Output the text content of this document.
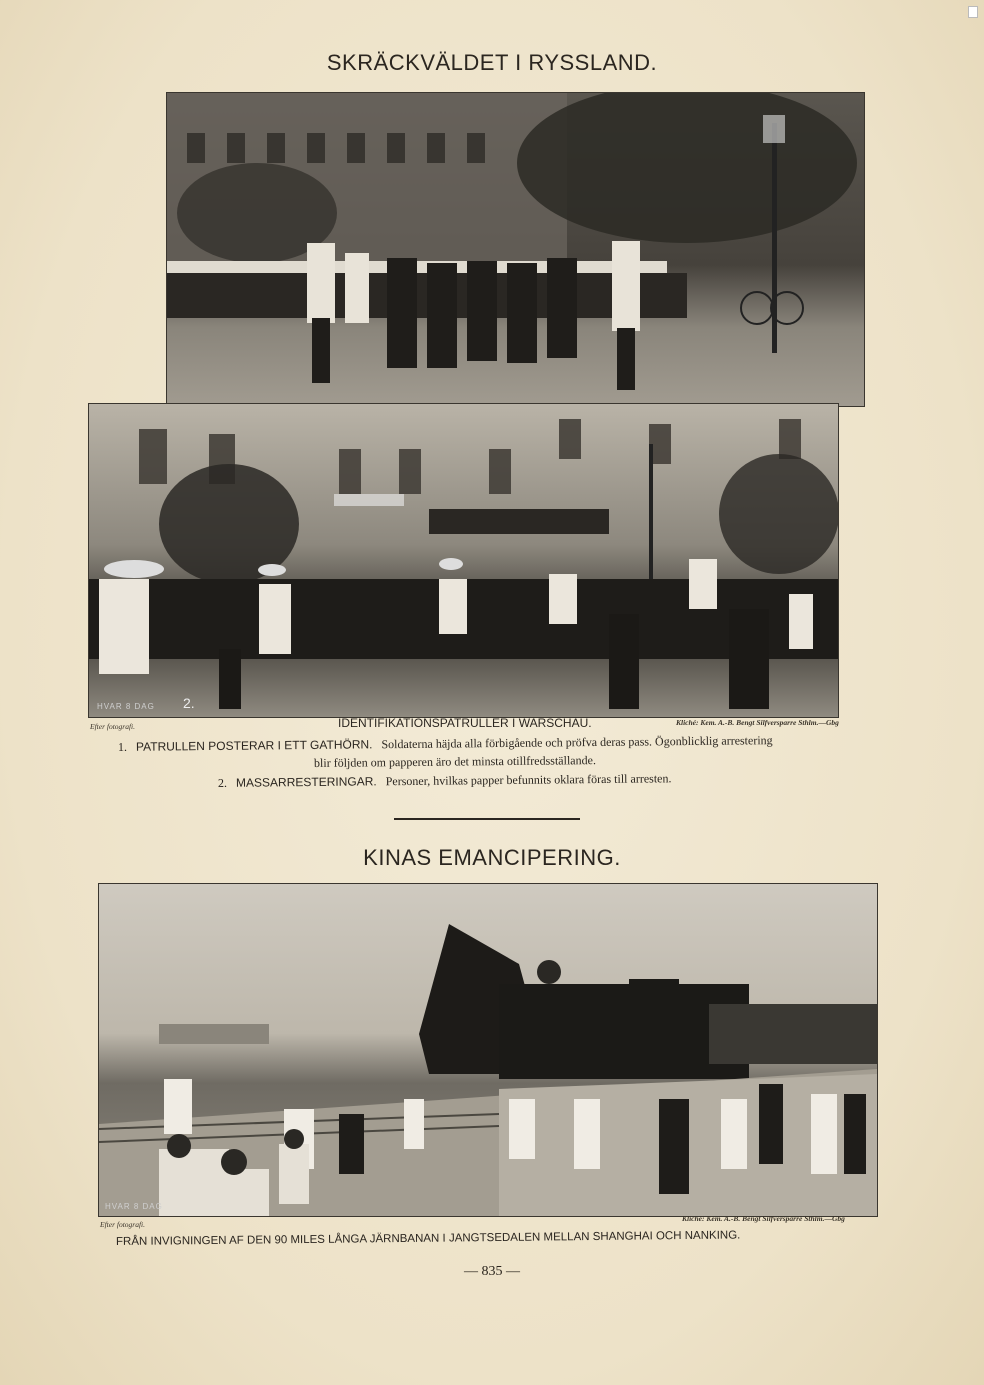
SKRÄCKVÄLDET I RYSSLAND.
HVAR 8 DAG 2.
Efter fotografi.	Kliché: Kem. A.-B. Bengt Silfversparre Sthlm.—Gbg
IDENTIFIKATIONSPATRULLER I WARSCHAU.
1. PATRULLEN POSTERAR I ETT GATHÖRN. Soldaterna häjda alla förbigående och pröfva deras pass. Ögonblicklig arrestering
blir följden om papperen äro det minsta otillfredsställande.
2. MASSARRESTERINGAR. Personer, hvilkas papper befunnits oklara föras till arresten.
KINAS EMANCIPERING.
HVAR 8 DAG
Efter fotografi.
Kliché: Kem. A.-B. Bengt Silfversparre Sthlm.—Gbg
FRÅN INVIGNINGEN AF DEN 90 MILES LÅNGA JÄRNBANAN I JANGTSEDALEN MELLAN SHANGHAI OCH NANKING.
— 835 —
